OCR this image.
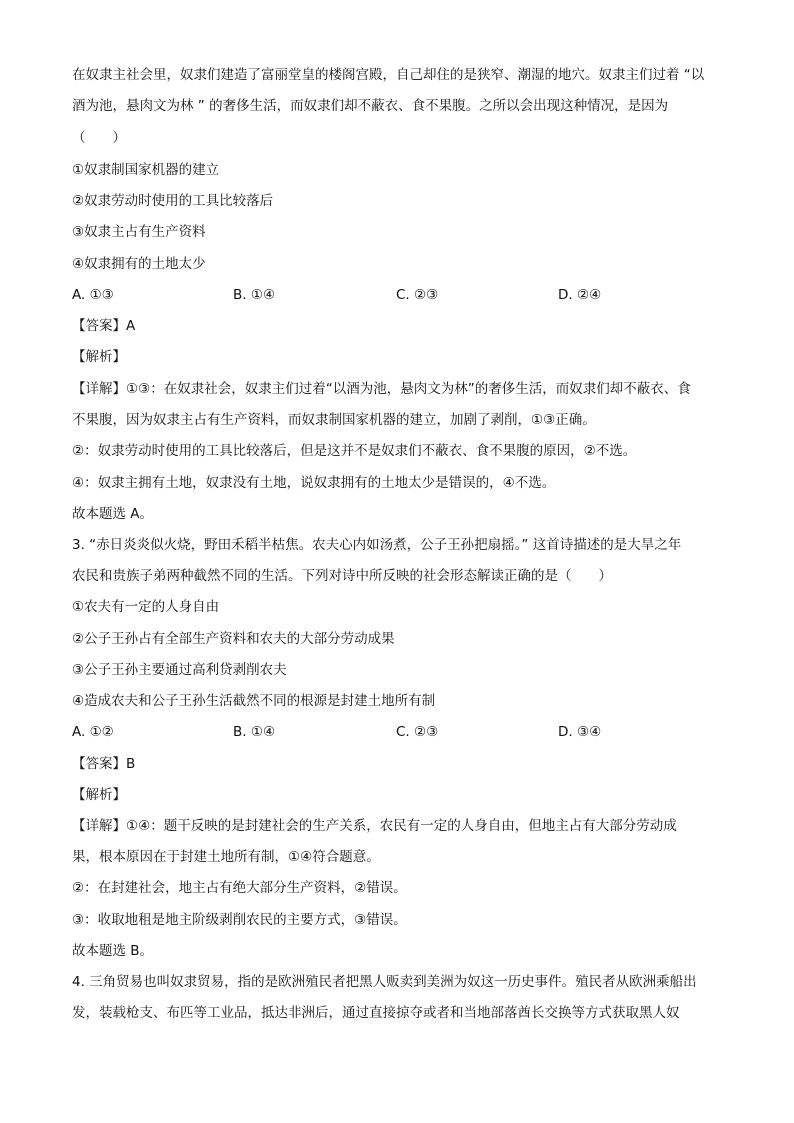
在奴隶主社会里，奴隶们建造了富丽堂皇的楼阁宫殿，自己却住的是狭窄、潮湿的地穴。奴隶主们过着 “以
酒为池，悬肉文为林 ” 的奢侈生活，而奴隶们却不蔽衣、食不果腹。之所以会出现这种情况，是因为
（　　）
①奴隶制国家机器的建立
②奴隶劳动时使用的工具比较落后
③奴隶主占有生产资料
④奴隶拥有的土地太少
A. ①③	B. ①④	C. ②③	D. ②④
【答案】A
【解析】
【详解】①③：在奴隶社会，奴隶主们过着“以酒为池，悬肉文为林”的奢侈生活，而奴隶们却不蔽衣、食
不果腹，因为奴隶主占有生产资料，而奴隶制国家机器的建立，加剧了剥削，①③正确。
②：奴隶劳动时使用的工具比较落后，但是这并不是奴隶们不蔽衣、食不果腹的原因，②不选。
④：奴隶主拥有土地，奴隶没有土地，说奴隶拥有的土地太少是错误的，④不选。
故本题选 A。
3. “赤日炎炎似火烧，野田禾稻半枯焦。农夫心内如汤煮，公子王孙把扇摇。” 这首诗描述的是大旱之年
农民和贵族子弟两种截然不同的生活。下列对诗中所反映的社会形态解读正确的是（　　）
①农夫有一定的人身自由
②公子王孙占有全部生产资料和农夫的大部分劳动成果
③公子王孙主要通过高利贷剥削农夫
④造成农夫和公子王孙生活截然不同的根源是封建土地所有制
A. ①②	B. ①④	C. ②③	D. ③④
【答案】B
【解析】
【详解】①④：题干反映的是封建社会的生产关系，农民有一定的人身自由，但地主占有大部分劳动成
果，根本原因在于封建土地所有制，①④符合题意。
②：在封建社会，地主占有绝大部分生产资料，②错误。
③：收取地租是地主阶级剥削农民的主要方式，③错误。
故本题选 B。
4. 三角贸易也叫奴隶贸易，指的是欧洲殖民者把黑人贩卖到美洲为奴这一历史事件。殖民者从欧洲乘船出
发，装载枪支、布匹等工业品，抵达非洲后，通过直接掠夺或者和当地部落酋长交换等方式获取黑人奴
